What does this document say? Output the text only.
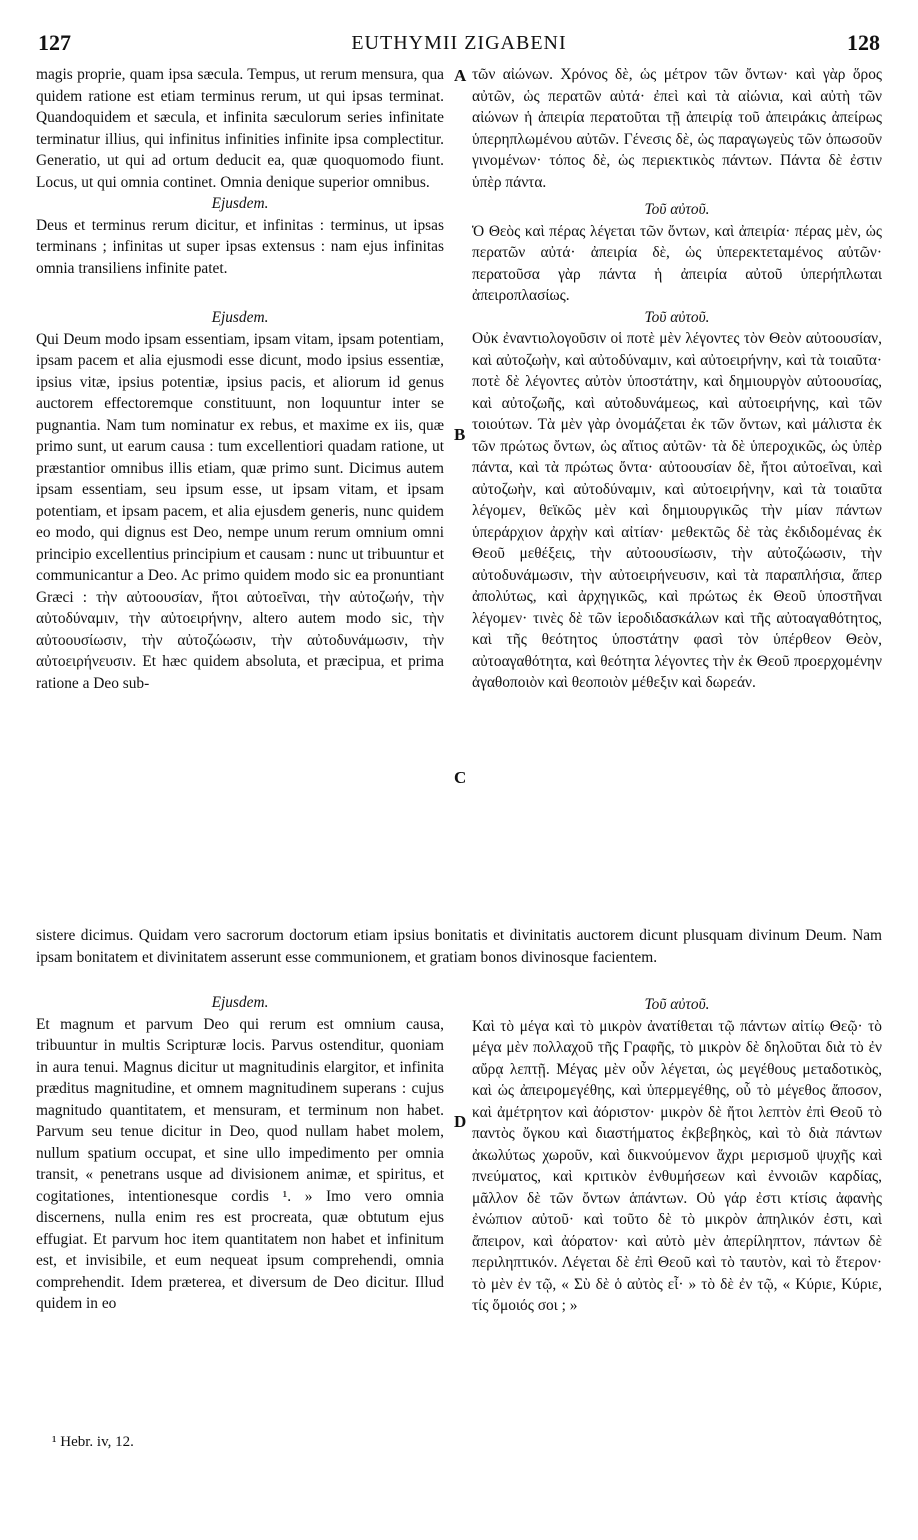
127	EUTHYMII ZIGABENI	128

magis proprie, quam ipsa sæcula. Tempus, ut rerum mensura, qua quidem ratione est etiam terminus rerum, ut qui ipsas terminat. Quandoquidem et sæcula, et infinita sæculorum series infinitate terminatur illius, qui infinitus infinities infinite ipsa complectitur. Generatio, ut qui ad ortum deducit ea, quæ quoquomodo fiunt. Locus, ut qui omnia continet. Omnia denique superior omnibus.

Ejusdem.

Deus et terminus rerum dicitur, et infinitas : terminus, ut ipsas terminans ; infinitas ut super ipsas extensus : nam ejus infinitas omnia transiliens infinite patet.

Ejusdem.

Qui Deum modo ipsam essentiam, ipsam vitam, ipsam potentiam, ipsam pacem et alia ejusmodi esse dicunt, modo ipsius essentiæ, ipsius vitæ, ipsius potentiæ, ipsius pacis, et aliorum id genus auctorem effectoremque constituunt, non loquuntur inter se pugnantia. Nam tum nominatur ex rebus, et maxime ex iis, quæ primo sunt, ut earum causa : tum excellentiori quadam ratione, ut præstantior omnibus illis etiam, quæ primo sunt. Dicimus autem ipsam essentiam, seu ipsum esse, ut ipsam vitam, et ipsam potentiam, et ipsam pacem, et alia ejusdem generis, nunc quidem eo modo, qui dignus est Deo, nempe unum rerum omnium omni principio excellentius principium et causam : nunc ut tribuuntur et communicantur a Deo. Ac primo quidem modo sic ea pronuntiant Græci : τὴν αὐτοουσίαν, ἤτοι αὐτοεῖναι, τὴν αὐτοζωήν, τὴν αὐτοδύναμιν, τὴν αὐτοειρήνην, altero autem modo sic, τὴν αὐτοουσίωσιν, τὴν αὐτοζώωσιν, τὴν αὐτοδυνάμωσιν, τὴν αὐτοειρήνευσιν. Et hæc quidem absoluta, et præcipua, et prima ratione a Deo sub-

τῶν αἰώνων. Χρόνος δὲ, ὡς μέτρον τῶν ὄντων· καὶ γὰρ ὅρος αὐτῶν, ὡς περατῶν αὐτά· ἐπεὶ καὶ τὰ αἰώνια, καὶ αὐτὴ τῶν αἰώνων ἡ ἀπειρία περατοῦται τῇ ἀπειρίᾳ τοῦ ἀπειράκις ἀπείρως ὑπερηπλωμένου αὐτῶν. Γένεσις δὲ, ὡς παραγωγεὺς τῶν ὁπωσοῦν γινομένων· τόπος δὲ, ὡς περιεκτικὸς πάντων. Πάντα δὲ ἐστιν ὑπὲρ πάντα.

Τοῦ αὐτοῦ.

Ὁ Θεὸς καὶ πέρας λέγεται τῶν ὄντων, καὶ ἀπειρία· πέρας μὲν, ὡς περατῶν αὐτά· ἀπειρία δὲ, ὡς ὑπερεκτεταμένος αὐτῶν· περατοῦσα γὰρ πάντα ἡ ἀπειρία αὐτοῦ ὑπερήπλωται ἀπειροπλασίως.

Τοῦ αὐτοῦ.

Οὐκ ἐναντιολογοῦσιν οἱ ποτὲ μὲν λέγοντες τὸν Θεὸν αὐτοουσίαν, καὶ αὐτοζωὴν, καὶ αὐτοδύναμιν, καὶ αὐτοειρήνην, καὶ τὰ τοιαῦτα· ποτὲ δὲ λέγοντες αὐτὸν ὑποστάτην, καὶ δημιουργὸν αὐτοουσίας, καὶ αὐτοζωῆς, καὶ αὐτοδυνάμεως, καὶ αὐτοειρήνης, καὶ τῶν τοιούτων. Τὰ μὲν γὰρ ὀνομάζεται ἐκ τῶν ὄντων, καὶ μάλιστα ἐκ τῶν πρώτως ὄντων, ὡς αἴτιος αὐτῶν· τὰ δὲ ὑπεροχικῶς, ὡς ὑπὲρ πάντα, καὶ τὰ πρώτως ὄντα· αὐτοουσίαν δὲ, ἤτοι αὐτοεῖναι, καὶ αὐτοζωὴν, καὶ αὐτοδύναμιν, καὶ αὐτοειρήνην, καὶ τὰ τοιαῦτα λέγομεν, θεϊκῶς μὲν καὶ δημιουργικῶς τὴν μίαν πάντων ὑπεράρχιον ἀρχὴν καὶ αἰτίαν· μεθεκτῶς δὲ τὰς ἐκδιδομένας ἐκ Θεοῦ μεθέξεις, τὴν αὐτοουσίωσιν, τὴν αὐτοζώωσιν, τὴν αὐτοδυνάμωσιν, τὴν αὐτοειρήνευσιν, καὶ τὰ παραπλήσια, ἅπερ ἀπολύτως, καὶ ἀρχηγικῶς, καὶ πρώτως ἐκ Θεοῦ ὑποστῆναι λέγομεν· τινὲς δὲ τῶν ἱεροδιδασκάλων καὶ τῆς αὐτοαγαθότητος, καὶ τῆς θεότητος ὑποστάτην φασὶ τὸν ὑπέρθεον Θεὸν, αὐτοαγαθότητα, καὶ θεότητα λέγοντες τὴν ἐκ Θεοῦ προερχομένην ἀγαθοποιὸν καὶ θεοποιὸν μέθεξιν καὶ δωρεάν.

A
B
C
D
sistere dicimus. Quidam vero sacrorum doctorum etiam ipsius bonitatis et divinitatis auctorem dicunt plusquam divinum Deum. Nam ipsam bonitatem et divinitatem asserunt esse communionem, et gratiam bonos divinosque facientem.

Ejusdem.

Et magnum et parvum Deo qui rerum est omnium causa, tribuuntur in multis Scripturæ locis. Parvus ostenditur, quoniam in aura tenui. Magnus dicitur ut magnitudinis elargitor, et infinita præditus magnitudine, et omnem magnitudinem superans : cujus magnitudo quantitatem, et mensuram, et terminum non habet. Parvum seu tenue dicitur in Deo, quod nullam habet molem, nullum spatium occupat, et sine ullo impedimento per omnia transit, « penetrans usque ad divisionem animæ, et spiritus, et cogitationes, intentionesque cordis ¹. » Imo vero omnia discernens, nulla enim res est procreata, quæ obtutum ejus effugiat. Et parvum hoc item quantitatem non habet et infinitum est, et invisibile, et eum nequeat ipsum comprehendi, omnia comprehendit. Idem præterea, et diversum de Deo dicitur. Illud quidem in eo

Τοῦ αὐτοῦ.

Καὶ τὸ μέγα καὶ τὸ μικρὸν ἀνατίθεται τῷ πάντων αἰτίῳ Θεῷ· τὸ μέγα μὲν πολλαχοῦ τῆς Γραφῆς, τὸ μικρὸν δὲ δηλοῦται διὰ τὸ ἐν αὔρᾳ λεπτῇ. Μέγας μὲν οὖν λέγεται, ὡς μεγέθους μεταδοτικὸς, καὶ ὡς ἀπειρομεγέθης, καὶ ὑπερμεγέθης, οὗ τὸ μέγεθος ἄποσον, καὶ ἀμέτρητον καὶ ἀόριστον· μικρὸν δὲ ἤτοι λεπτὸν ἐπὶ Θεοῦ τὸ παντὸς ὄγκου καὶ διαστήματος ἐκβεβηκὸς, καὶ τὸ διὰ πάντων ἀκωλύτως χωροῦν, καὶ διικνούμενον ἄχρι μερισμοῦ ψυχῆς καὶ πνεύματος, καὶ κριτικὸν ἐνθυμήσεων καὶ ἐννοιῶν καρδίας, μᾶλλον δὲ τῶν ὄντων ἁπάντων. Οὐ γάρ ἐστι κτίσις ἀφανὴς ἐνώπιον αὐτοῦ· καὶ τοῦτο δὲ τὸ μικρὸν ἀπηλικόν ἐστι, καὶ ἄπειρον, καὶ ἀόρατον· καὶ αὐτὸ μὲν ἀπερίληπτον, πάντων δὲ περιληπτικόν. Λέγεται δὲ ἐπὶ Θεοῦ καὶ τὸ ταυτὸν, καὶ τὸ ἕτερον· τὸ μὲν ἐν τῷ, « Σὺ δὲ ὁ αὐτὸς εἶ· » τὸ δὲ ἐν τῷ, « Κύριε, Κύριε, τίς ὅμοιός σοι ; »

¹ Hebr. iv, 12.
